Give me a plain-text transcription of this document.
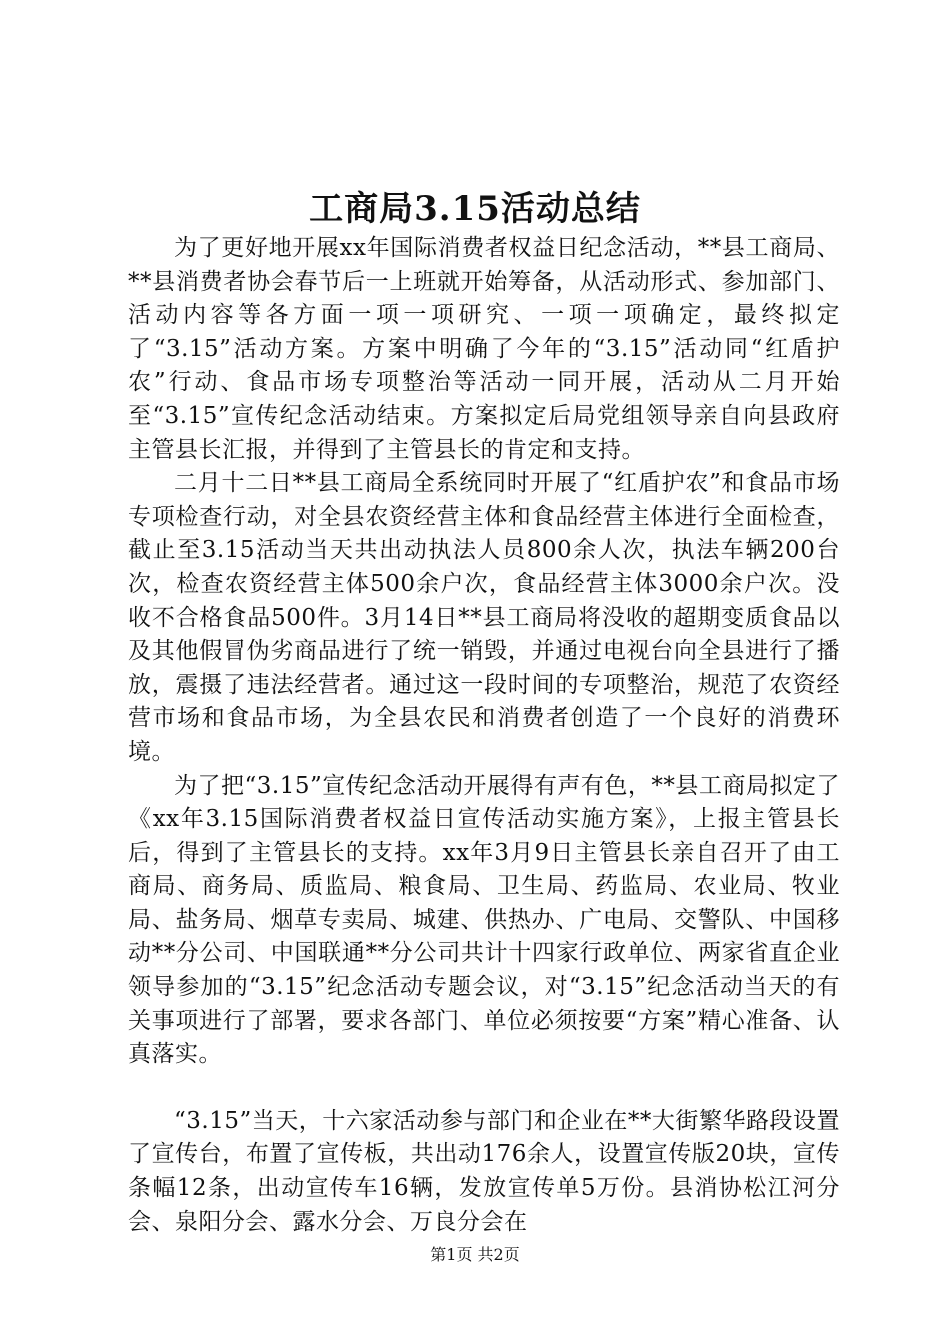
工商局3.15活动总结

为了更好地开展xx年国际消费者权益日纪念活动，**县工商局、**县消费者协会春节后一上班就开始筹备，从活动形式、参加部门、活动内容等各方面一项一项研究、一项一项确定，最终拟定了“3.15”活动方案。方案中明确了今年的“3.15”活动同“红盾护农”行动、食品市场专项整治等活动一同开展，活动从二月开始至“3.15”宣传纪念活动结束。方案拟定后局党组领导亲自向县政府主管县长汇报，并得到了主管县长的肯定和支持。

二月十二日**县工商局全系统同时开展了“红盾护农”和食品市场专项检查行动，对全县农资经营主体和食品经营主体进行全面检查，截止至3.15活动当天共出动执法人员800余人次，执法车辆200台次，检查农资经营主体500余户次，食品经营主体3000余户次。没收不合格食品500件。3月14日**县工商局将没收的超期变质食品以及其他假冒伪劣商品进行了统一销毁，并通过电视台向全县进行了播放，震摄了违法经营者。通过这一段时间的专项整治，规范了农资经营市场和食品市场，为全县农民和消费者创造了一个良好的消费环境。

为了把“3.15”宣传纪念活动开展得有声有色，**县工商局拟定了《xx年3.15国际消费者权益日宣传活动实施方案》，上报主管县长后，得到了主管县长的支持。xx年3月9日主管县长亲自召开了由工商局、商务局、质监局、粮食局、卫生局、药监局、农业局、牧业局、盐务局、烟草专卖局、城建、供热办、广电局、交警队、中国移动**分公司、中国联通**分公司共计十四家行政单位、两家省直企业领导参加的“3.15”纪念活动专题会议，对“3.15”纪念活动当天的有关事项进行了部署，要求各部门、单位必须按要“方案”精心准备、认真落实。

“3.15”当天，十六家活动参与部门和企业在**大街繁华路段设置了宣传台，布置了宣传板，共出动176余人，设置宣传版20块，宣传条幅12条，出动宣传车16辆，发放宣传单5万份。县消协松江河分会、泉阳分会、露水分会、万良分会在

第1页 共2页
